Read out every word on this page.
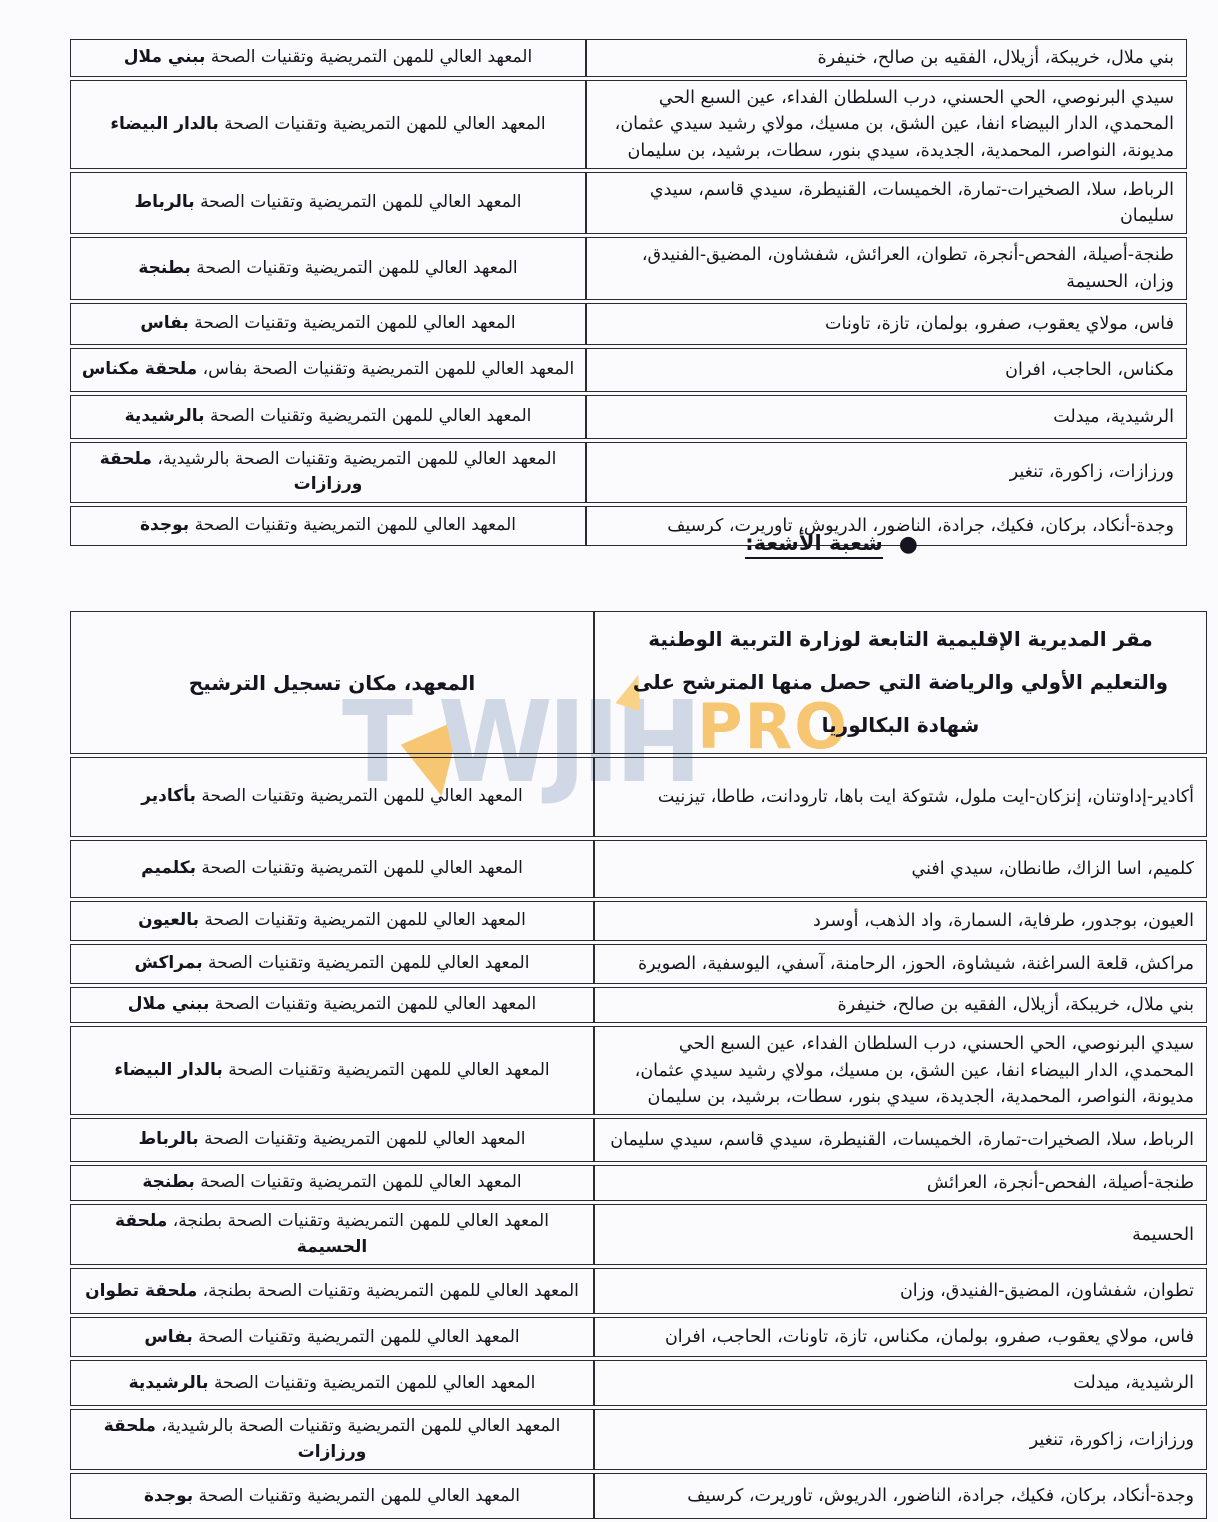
T WJIH PRO
بني ملال، خريبكة، أزيلال، الفقيه بن صالح، خنيفرة	المعهد العالي للمهن التمريضية وتقنيات الصحة ببني ملال
سيدي البرنوصي، الحي الحسني، درب السلطان الفداء، عين السبع الحي المحمدي، الدار البيضاء انفا، عين الشق، بن مسيك، مولاي رشيد سيدي عثمان، مديونة، النواصر، المحمدية، الجديدة، سيدي بنور، سطات، برشيد، بن سليمان	المعهد العالي للمهن التمريضية وتقنيات الصحة بالدار البيضاء
الرباط، سلا، الصخيرات-تمارة، الخميسات، القنيطرة، سيدي قاسم، سيدي سليمان	المعهد العالي للمهن التمريضية وتقنيات الصحة بالرباط
طنجة-أصيلة، الفحص-أنجرة، تطوان، العرائش، شفشاون، المضيق-الفنيدق، وزان، الحسيمة	المعهد العالي للمهن التمريضية وتقنيات الصحة بطنجة
فاس، مولاي يعقوب، صفرو، بولمان، تازة، تاونات	المعهد العالي للمهن التمريضية وتقنيات الصحة بفاس
مكناس، الحاجب، افران	المعهد العالي للمهن التمريضية وتقنيات الصحة بفاس، ملحقة مكناس
الرشيدية، ميدلت	المعهد العالي للمهن التمريضية وتقنيات الصحة بالرشيدية
ورزازات، زاكورة، تنغير	المعهد العالي للمهن التمريضية وتقنيات الصحة بالرشيدية، ملحقة ورزازات
وجدة-أنكاد، بركان، فكيك، جرادة، الناضور، الدريوش، تاوريرت، كرسيف	المعهد العالي للمهن التمريضية وتقنيات الصحة بوجدة
●
شعبة الأشعة:
مقر المديرية الإقليمية التابعة لوزارة التربية الوطنية والتعليم الأولي والرياضة التي حصل منها المترشح على شهادة البكالوريا	المعهد، مكان تسجيل الترشيح
أكادير-إداوتنان، إنزكان-ايت ملول، شتوكة ايت باها، تارودانت، طاطا، تيزنيت	المعهد العالي للمهن التمريضية وتقنيات الصحة بأكادير
كلميم، اسا الزاك، طانطان، سيدي افني	المعهد العالي للمهن التمريضية وتقنيات الصحة بكلميم
العيون، بوجدور، طرفاية، السمارة، واد الذهب، أوسرد	المعهد العالي للمهن التمريضية وتقنيات الصحة بالعيون
مراكش، قلعة السراغنة، شيشاوة، الحوز، الرحامنة، آسفي، اليوسفية، الصويرة	المعهد العالي للمهن التمريضية وتقنيات الصحة بمراكش
بني ملال، خريبكة، أزيلال، الفقيه بن صالح، خنيفرة	المعهد العالي للمهن التمريضية وتقنيات الصحة ببني ملال
سيدي البرنوصي، الحي الحسني، درب السلطان الفداء، عين السبع الحي المحمدي، الدار البيضاء انفا، عين الشق، بن مسيك، مولاي رشيد سيدي عثمان، مديونة، النواصر، المحمدية، الجديدة، سيدي بنور، سطات، برشيد، بن سليمان	المعهد العالي للمهن التمريضية وتقنيات الصحة بالدار البيضاء
الرباط، سلا، الصخيرات-تمارة، الخميسات، القنيطرة، سيدي قاسم، سيدي سليمان	المعهد العالي للمهن التمريضية وتقنيات الصحة بالرباط
طنجة-أصيلة، الفحص-أنجرة، العرائش	المعهد العالي للمهن التمريضية وتقنيات الصحة بطنجة
الحسيمة	المعهد العالي للمهن التمريضية وتقنيات الصحة بطنجة، ملحقة الحسيمة
تطوان، شفشاون، المضيق-الفنيدق، وزان	المعهد العالي للمهن التمريضية وتقنيات الصحة بطنجة، ملحقة تطوان
فاس، مولاي يعقوب، صفرو، بولمان، مكناس، تازة، تاونات، الحاجب، افران	المعهد العالي للمهن التمريضية وتقنيات الصحة بفاس
الرشيدية، ميدلت	المعهد العالي للمهن التمريضية وتقنيات الصحة بالرشيدية
ورزازات، زاكورة، تنغير	المعهد العالي للمهن التمريضية وتقنيات الصحة بالرشيدية، ملحقة ورزازات
وجدة-أنكاد، بركان، فكيك، جرادة، الناضور، الدريوش، تاوريرت، كرسيف	المعهد العالي للمهن التمريضية وتقنيات الصحة بوجدة
